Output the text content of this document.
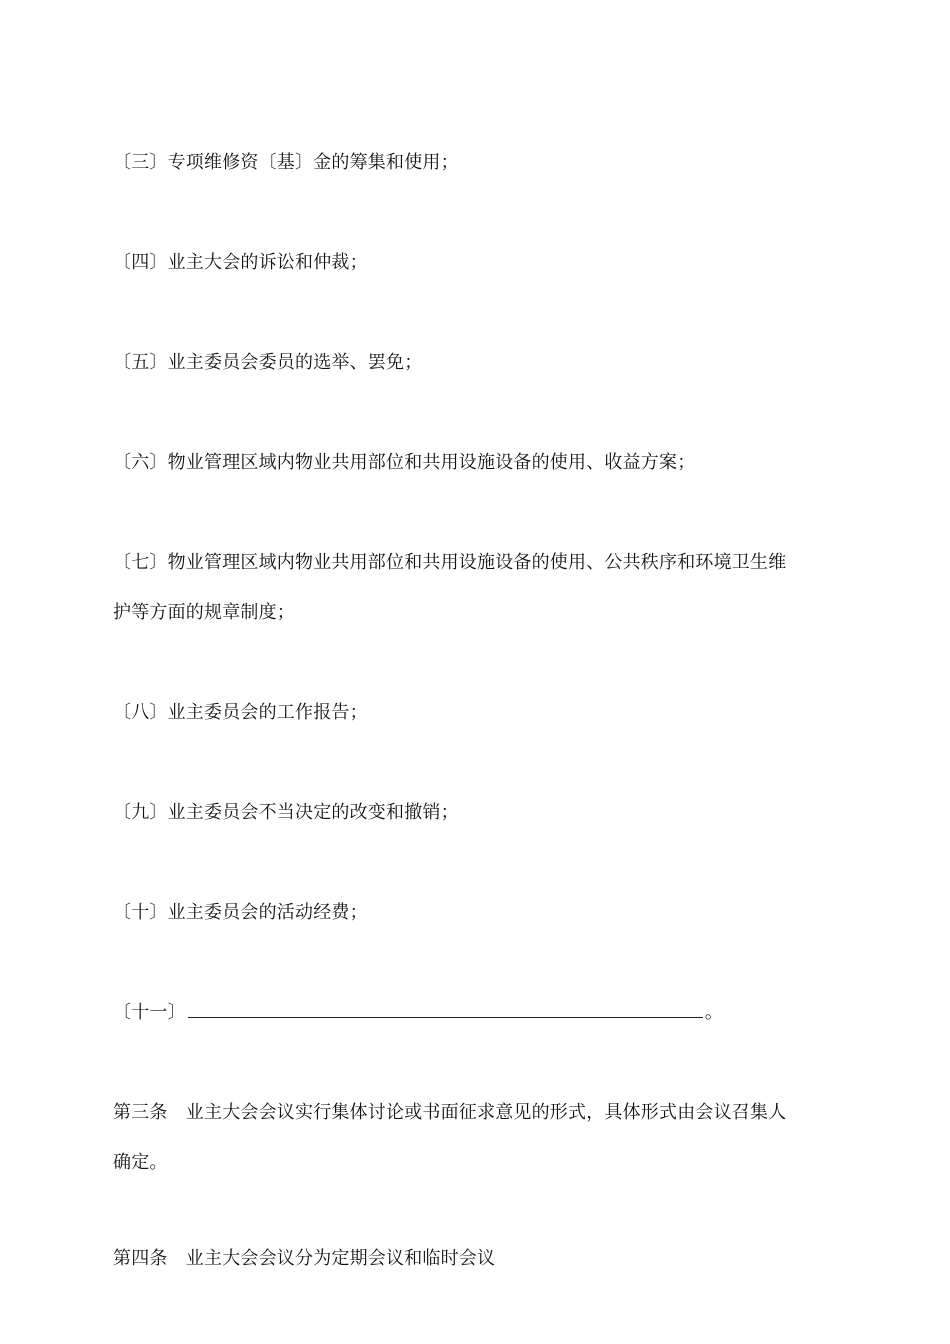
〔三〕专项维修资〔基〕金的筹集和使用；
〔四〕业主大会的诉讼和仲裁；
〔五〕业主委员会委员的选举、罢免；
〔六〕物业管理区域内物业共用部位和共用设施设备的使用、收益方案；
〔七〕物业管理区域内物业共用部位和共用设施设备的使用、公共秩序和环境卫生维
护等方面的规章制度；
〔八〕业主委员会的工作报告；
〔九〕业主委员会不当决定的改变和撤销；
〔十〕业主委员会的活动经费；
〔十一〕	。
第三条　业主大会会议实行集体讨论或书面征求意见的形式，具体形式由会议召集人
确定。
第四条　业主大会会议分为定期会议和临时会议
